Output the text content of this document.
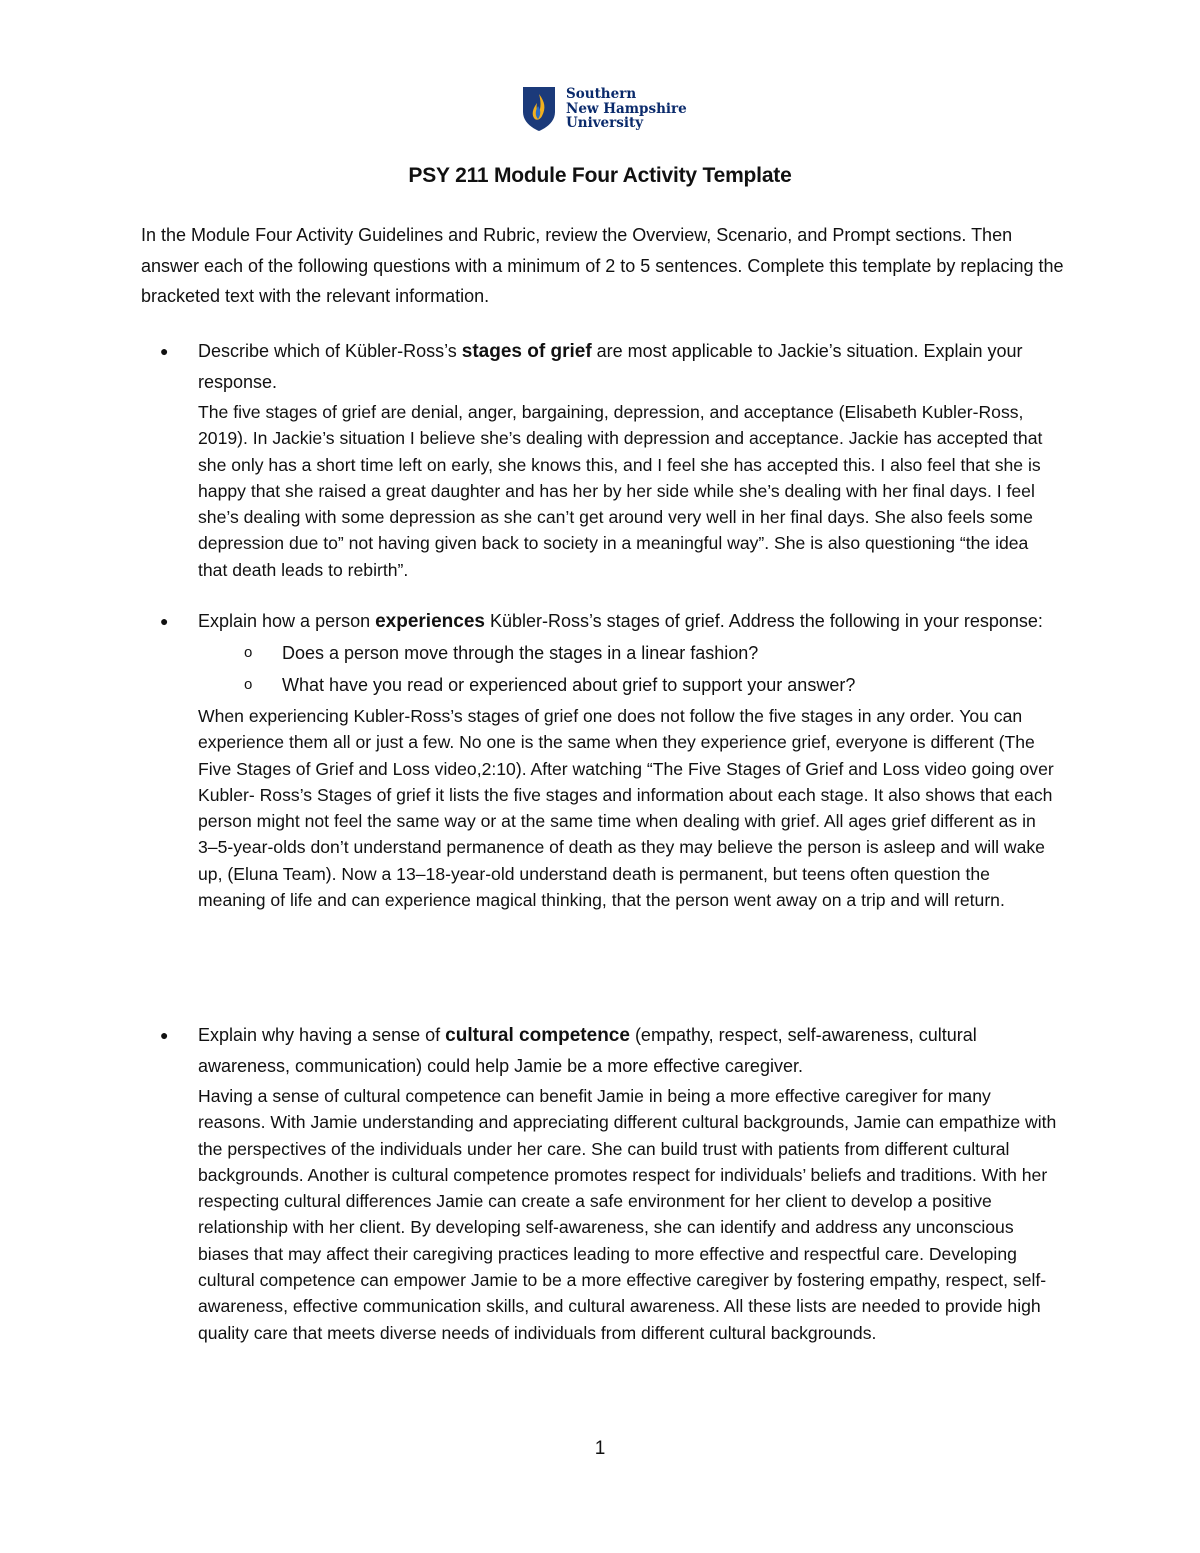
Southern
New Hampshire
University
PSY 211 Module Four Activity Template
In the Module Four Activity Guidelines and Rubric, review the Overview, Scenario, and Prompt sections. Then answer each of the following questions with a minimum of 2 to 5 sentences. Complete this template by replacing the bracketed text with the relevant information.
●	Describe which of Kübler-Ross’s stages of grief are most applicable to Jackie’s situation. Explain your response.
The five stages of grief are denial, anger, bargaining, depression, and acceptance (Elisabeth Kubler-Ross, 2019). In Jackie’s situation I believe she’s dealing with depression and acceptance. Jackie has accepted that she only has a short time left on early, she knows this, and I feel she has accepted this. I also feel that she is happy that she raised a great daughter and has her by her side while she’s dealing with her final days. I feel she’s dealing with some depression as she can’t get around very well in her final days. She also feels some depression due to” not having given back to society in a meaningful way”. She is also questioning “the idea that death leads to rebirth”.
●	Explain how a person experiences Kübler-Ross’s stages of grief. Address the following in your response:
o	Does a person move through the stages in a linear fashion?
o	What have you read or experienced about grief to support your answer?
When experiencing Kubler-Ross’s stages of grief one does not follow the five stages in any order. You can experience them all or just a few. No one is the same when they experience grief, everyone is different (The Five Stages of Grief and Loss video,2:10). After watching “The Five Stages of Grief and Loss video going over Kubler- Ross’s Stages of grief it lists the five stages and information about each stage. It also shows that each person might not feel the same way or at the same time when dealing with grief. All ages grief different as in 3–5-year-olds don’t understand permanence of death as they may believe the person is asleep and will wake up, (Eluna Team). Now a 13–18-year-old understand death is permanent, but teens often question the meaning of life and can experience magical thinking, that the person went away on a trip and will return.
●	Explain why having a sense of cultural competence (empathy, respect, self-awareness, cultural awareness, communication) could help Jamie be a more effective caregiver.
Having a sense of cultural competence can benefit Jamie in being a more effective caregiver for many reasons. With Jamie understanding and appreciating different cultural backgrounds, Jamie can empathize with the perspectives of the individuals under her care. She can build trust with patients from different cultural backgrounds. Another is cultural competence promotes respect for individuals’ beliefs and traditions. With her respecting cultural differences Jamie can create a safe environment for her client to develop a positive relationship with her client. By developing self-awareness, she can identify and address any unconscious biases that may affect their caregiving practices leading to more effective and respectful care. Developing cultural competence can empower Jamie to be a more effective caregiver by fostering empathy, respect, self- awareness, effective communication skills, and cultural awareness. All these lists are needed to provide high quality care that meets diverse needs of individuals from different cultural backgrounds.
1
